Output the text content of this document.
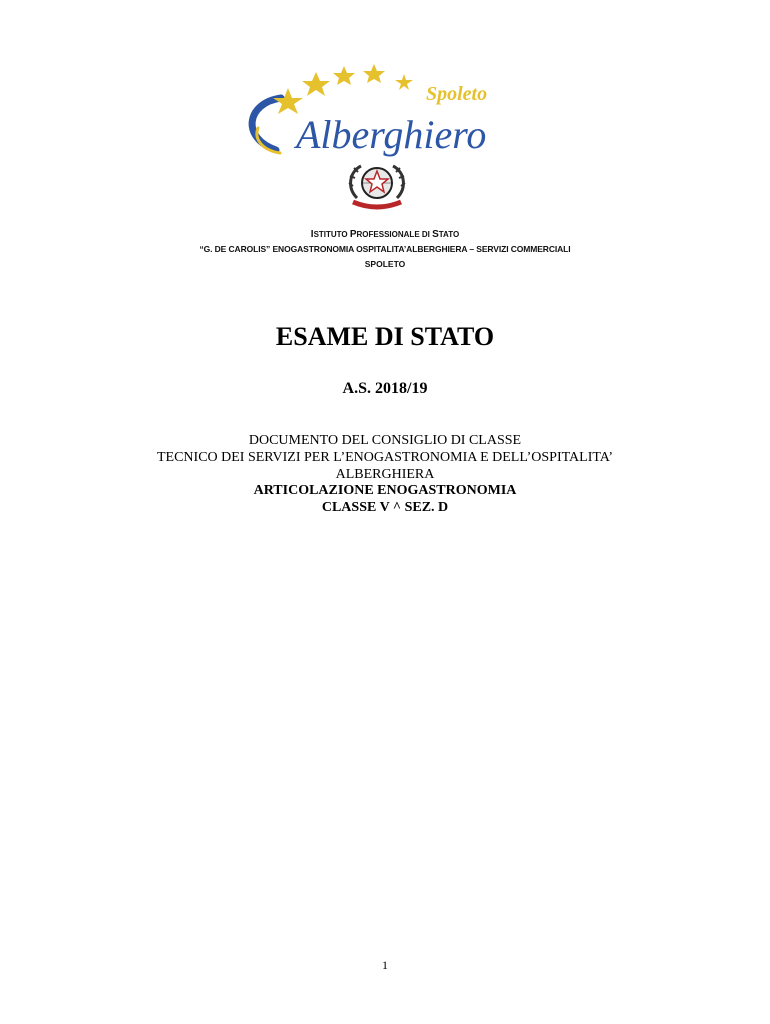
Spoleto
Alberghiero
ISTITUTO PROFESSIONALE DI STATO
“G. DE CAROLIS” ENOGASTRONOMIA OSPITALITA’ALBERGHIERA – SERVIZI COMMERCIALI
SPOLETO
ESAME DI STATO
A.S. 2018/19
DOCUMENTO DEL CONSIGLIO DI CLASSE
TECNICO DEI SERVIZI PER L’ENOGASTRONOMIA E DELL’OSPITALITA’
ALBERGHIERA
ARTICOLAZIONE ENOGASTRONOMIA
CLASSE V ^ SEZ. D
1
